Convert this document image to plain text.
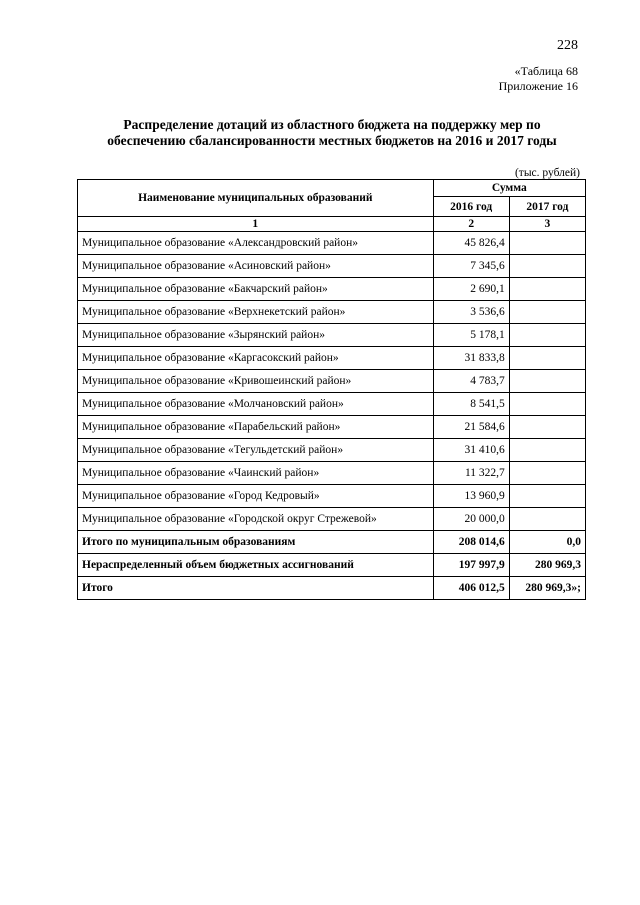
228
«Таблица 68
Приложение 16
Распределение дотаций из областного бюджета на поддержку мер по
обеспечению сбалансированности местных бюджетов на 2016 и 2017 годы
(тыс. рублей)
Наименование муниципальных образований	Сумма	
	2016 год	2017 год
1	2	3
Муниципальное образование «Александровский район»	45 826,4	
Муниципальное образование «Асиновский район»	7 345,6	
Муниципальное образование «Бакчарский район»	2 690,1	
Муниципальное образование «Верхнекетский район»	3 536,6	
Муниципальное образование «Зырянский район»	5 178,1	
Муниципальное образование «Каргасокский район»	31 833,8	
Муниципальное образование «Кривошеинский район»	4 783,7	
Муниципальное образование «Молчановский район»	8 541,5	
Муниципальное образование «Парабельский район»	21 584,6	
Муниципальное образование «Тегульдетский район»	31 410,6	
Муниципальное образование «Чаинский район»	11 322,7	
Муниципальное образование «Город Кедровый»	13 960,9	
Муниципальное образование «Городской округ Стрежевой»	20 000,0	
Итого по муниципальным образованиям	208 014,6	0,0
Нераспределенный объем бюджетных ассигнований	197 997,9	280 969,3
Итого	406 012,5	280 969,3»;
